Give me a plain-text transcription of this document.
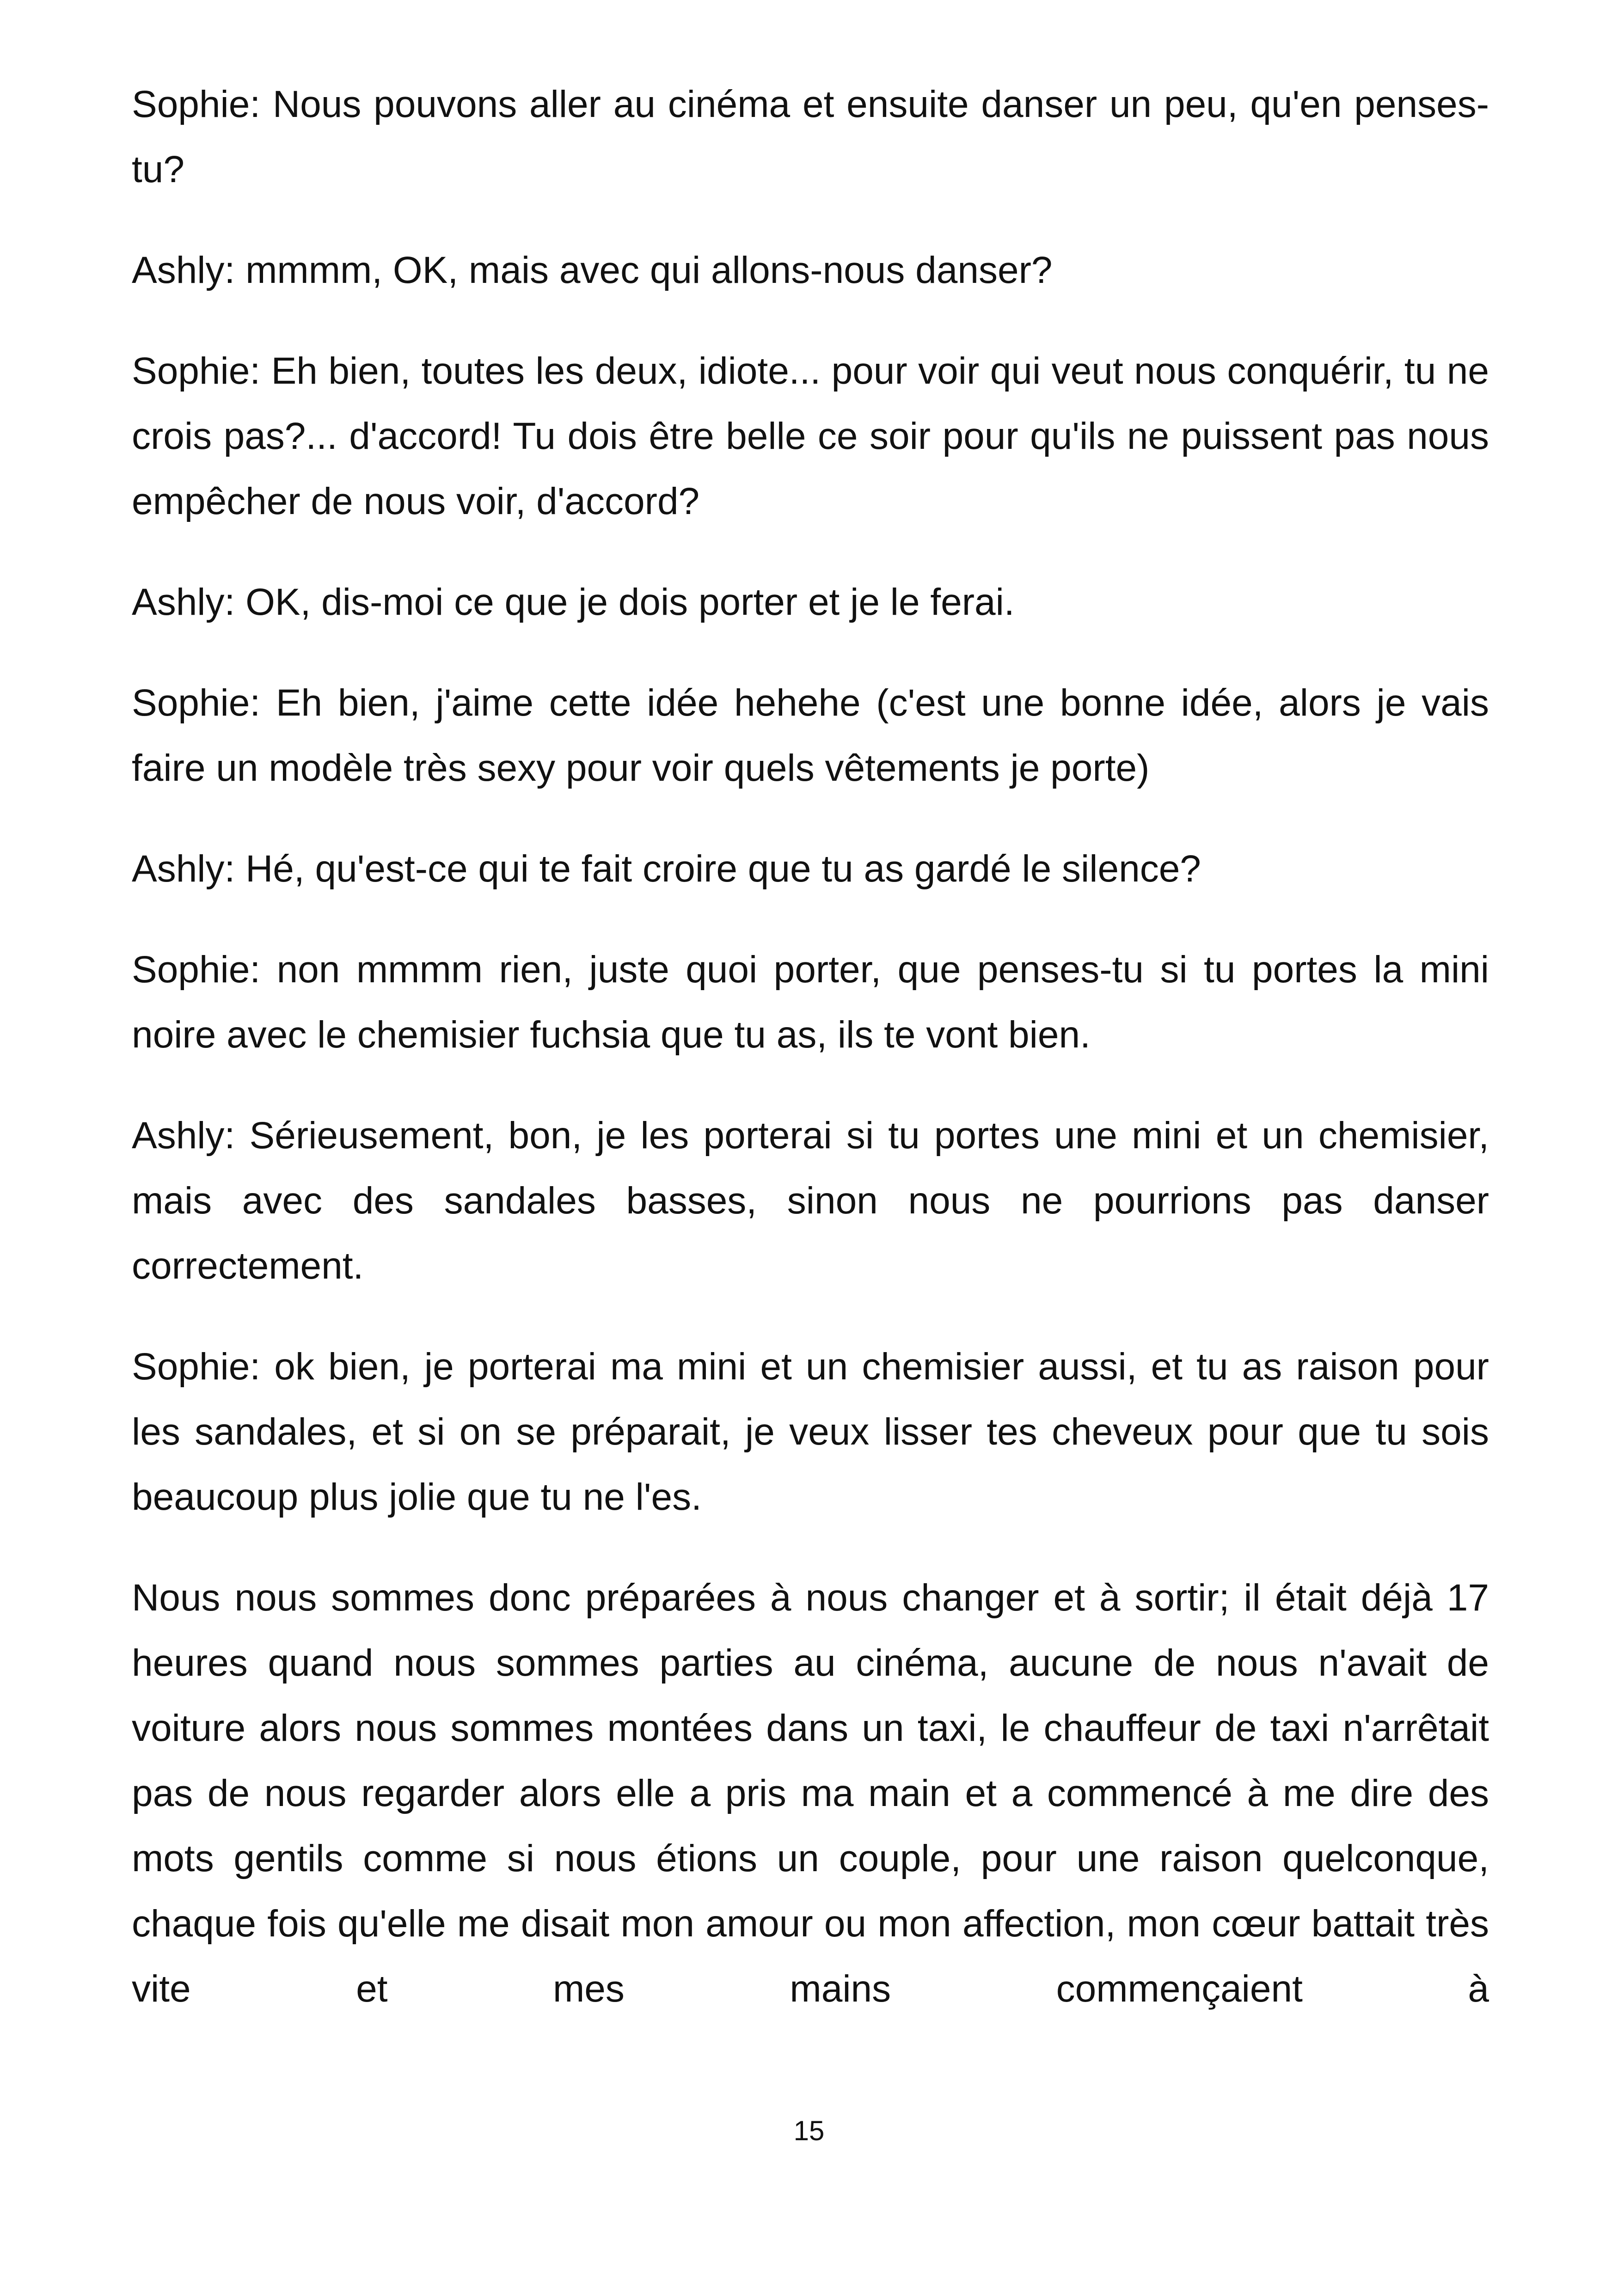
Sophie: Nous pouvons aller au cinéma et ensuite danser un peu, qu'en penses-tu?

Ashly: mmmm, OK, mais avec qui allons-nous danser?

Sophie: Eh bien, toutes les deux, idiote... pour voir qui veut nous conquérir, tu ne crois pas?... d'accord! Tu dois être belle ce soir pour qu'ils ne puissent pas nous empêcher de nous voir, d'accord?

Ashly: OK, dis-moi ce que je dois porter et je le ferai.

Sophie: Eh bien, j'aime cette idée hehehe (c'est une bonne idée, alors je vais faire un modèle très sexy pour voir quels vêtements je porte)

Ashly: Hé, qu'est-ce qui te fait croire que tu as gardé le silence?

Sophie: non mmmm rien, juste quoi porter, que penses-tu si tu portes la mini noire avec le chemisier fuchsia que tu as, ils te vont bien.

Ashly: Sérieusement, bon, je les porterai si tu portes une mini et un chemisier, mais avec des sandales basses, sinon nous ne pourrions pas danser correctement.

Sophie: ok bien, je porterai ma mini et un chemisier aussi, et tu as raison pour les sandales, et si on se préparait, je veux lisser tes cheveux pour que tu sois beaucoup plus jolie que tu ne l'es.

Nous nous sommes donc préparées à nous changer et à sortir; il était déjà 17 heures quand nous sommes parties au cinéma, aucune de nous n'avait de voiture alors nous sommes montées dans un taxi, le chauffeur de taxi n'arrêtait pas de nous regarder alors elle a pris ma main et a commencé à me dire des mots gentils comme si nous étions un couple, pour une raison quelconque, chaque fois qu'elle me disait mon amour ou mon affection, mon cœur battait très vite et mes mains commençaient à

15
